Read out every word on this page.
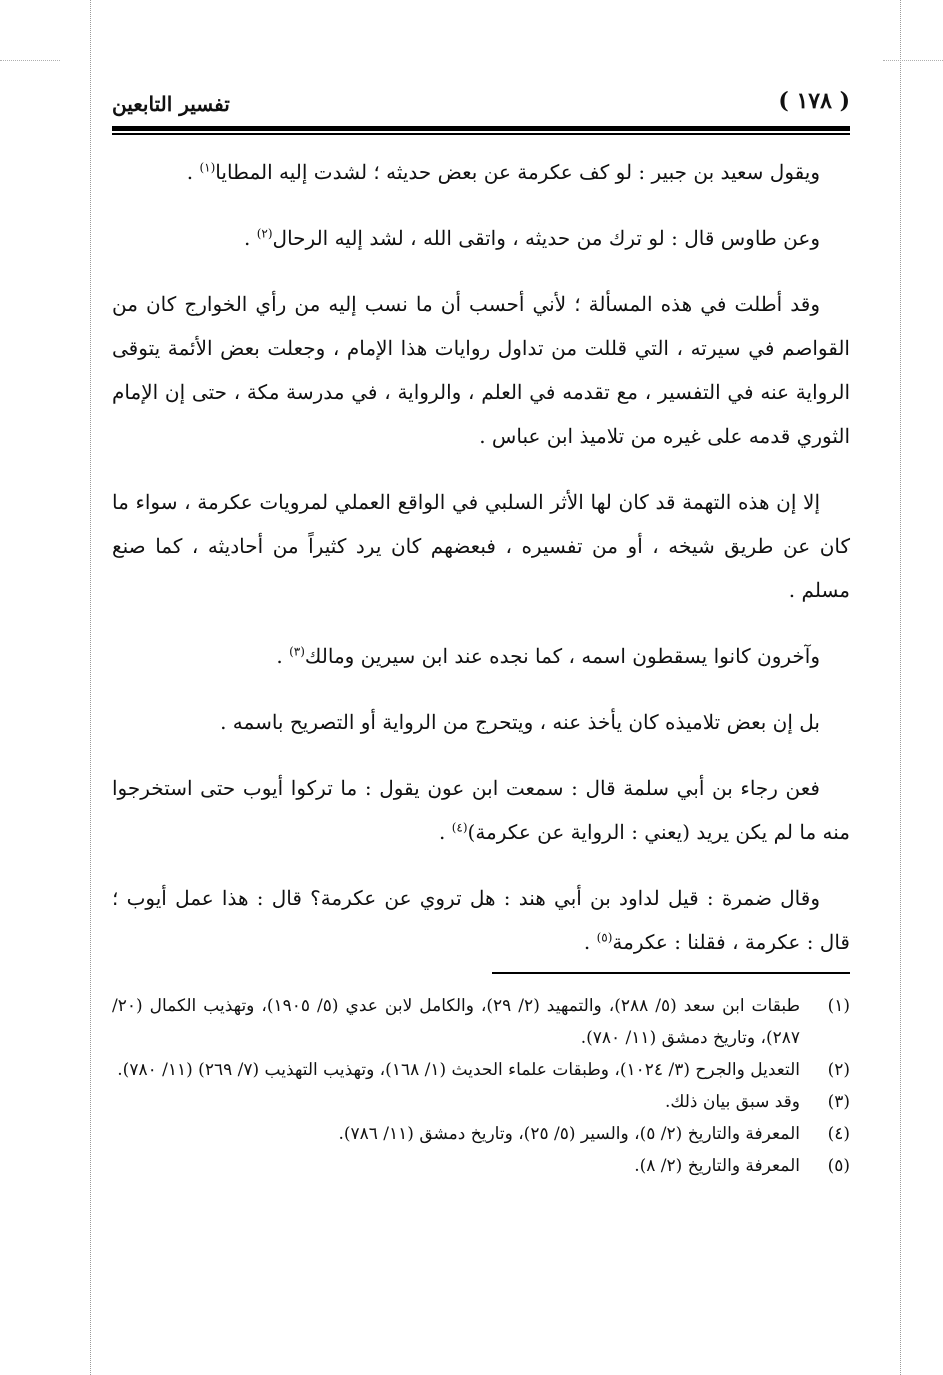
( ١٧٨ )
تفسير التابعين

ويقول سعيد بن جبير : لو كف عكرمة عن بعض حديثه ؛ لشدت إليه المطايا$^{(١)}$ .

وعن طاوس قال : لو ترك من حديثه ، واتقى الله ، لشد إليه الرحال$^{(٢)}$ .

وقد أطلت في هذه المسألة ؛ لأني أحسب أن ما نسب إليه من رأي الخوارج كان من القواصم في سيرته ، التي قللت من تداول روايات هذا الإمام ، وجعلت بعض الأئمة يتوقى الرواية عنه في التفسير ، مع تقدمه في العلم ، والرواية ، في مدرسة مكة ، حتى إن الإمام الثوري قدمه على غيره من تلاميذ ابن عباس .

إلا إن هذه التهمة قد كان لها الأثر السلبي في الواقع العملي لمرويات عكرمة ، سواء ما كان عن طريق شيخه ، أو من تفسيره ، فبعضهم كان يرد كثيراً من أحاديثه ، كما صنع مسلم .

وآخرون كانوا يسقطون اسمه ، كما نجده عند ابن سيرين ومالك$^{(٣)}$ .

بل إن بعض تلاميذه كان يأخذ عنه ، ويتحرج من الرواية أو التصريح باسمه .

فعن رجاء بن أبي سلمة قال : سمعت ابن عون يقول : ما تركوا أيوب حتى استخرجوا منه ما لم يكن يريد (يعني : الرواية عن عكرمة)$^{(٤)}$ .

وقال ضمرة : قيل لداود بن أبي هند : هل تروي عن عكرمة؟ قال : هذا عمل أيوب ؛ قال : عكرمة ، فقلنا : عكرمة$^{(٥)}$ .

(١)
طبقات ابن سعد (٥/ ٢٨٨)، والتمهيد (٢/ ٢٩)، والكامل لابن عدي (٥/ ١٩٠٥)، وتهذيب الكمال (٢٠/ ٢٨٧)، وتاريخ دمشق (١١/ ٧٨٠).
(٢)
التعديل والجرح (٣/ ١٠٢٤)، وطبقات علماء الحديث (١/ ١٦٨)، وتهذيب التهذيب (٧/ ٢٦٩) (١١/ ٧٨٠).
(٣)
وقد سبق بيان ذلك.
(٤)
المعرفة والتاريخ (٢/ ٥)، والسير (٥/ ٢٥)، وتاريخ دمشق (١١/ ٧٨٦).
(٥)
المعرفة والتاريخ (٢/ ٨).
